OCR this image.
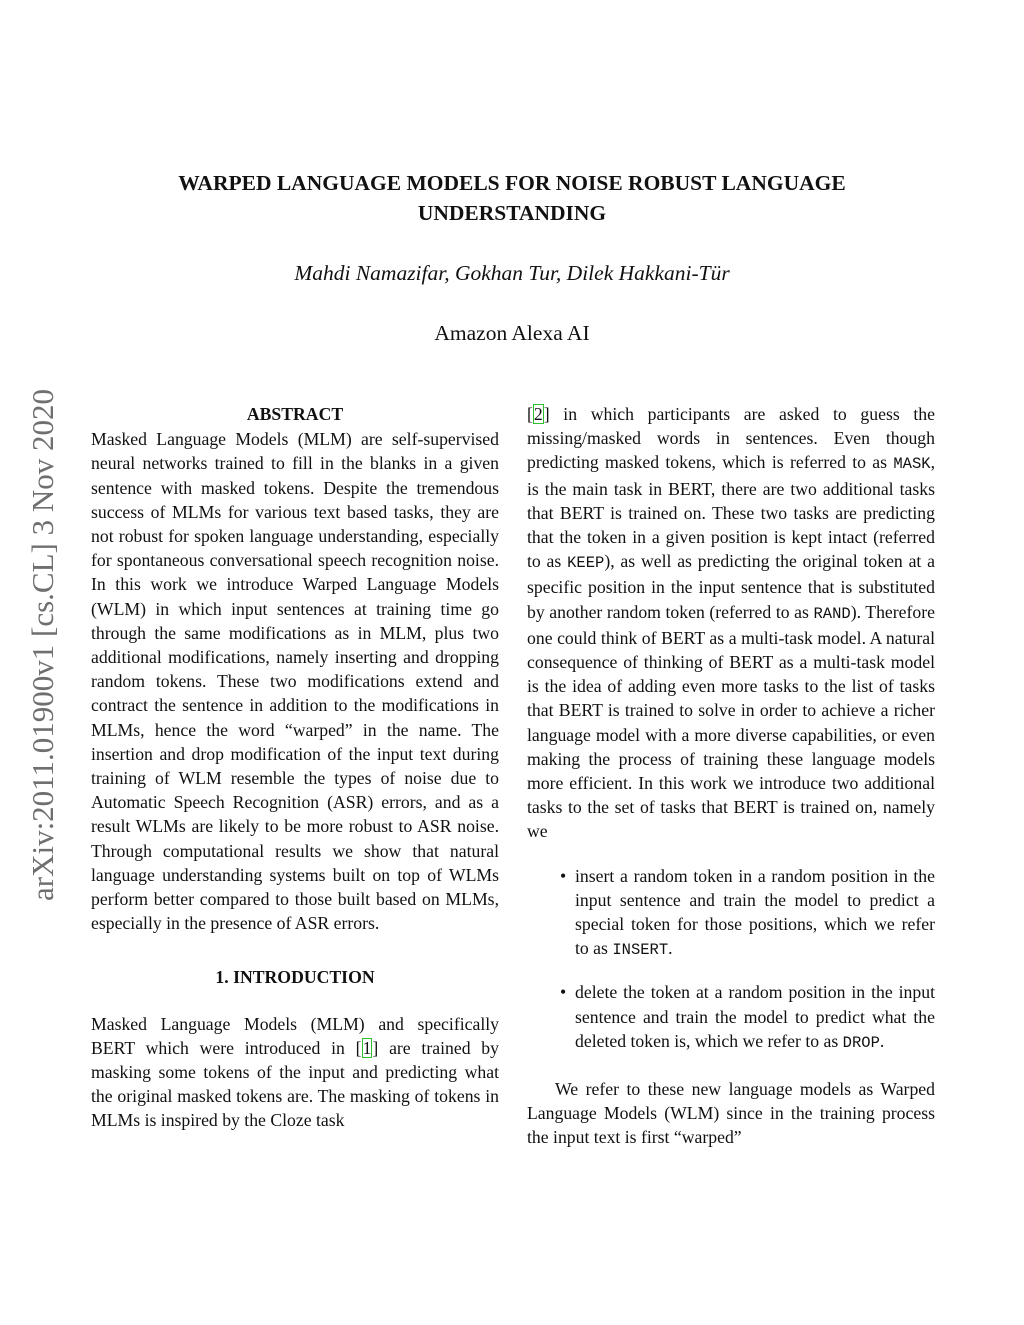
arXiv:2011.01900v1 [cs.CL] 3 Nov 2020
WARPED LANGUAGE MODELS FOR NOISE ROBUST LANGUAGE
UNDERSTANDING
Mahdi Namazifar, Gokhan Tur, Dilek Hakkani-Tür
Amazon Alexa AI
ABSTRACT

Masked Language Models (MLM) are self-supervised neural networks trained to fill in the blanks in a given sentence with masked tokens. Despite the tremendous success of MLMs for various text based tasks, they are not robust for spoken language understanding, especially for spontaneous conversational speech recognition noise. In this work we introduce Warped Language Models (WLM) in which input sentences at training time go through the same modifications as in MLM, plus two additional modifications, namely inserting and dropping random tokens. These two modifications extend and contract the sentence in addition to the modifications in MLMs, hence the word “warped” in the name. The insertion and drop modification of the input text during training of WLM resemble the types of noise due to Automatic Speech Recognition (ASR) errors, and as a result WLMs are likely to be more robust to ASR noise. Through computational results we show that natural language understanding systems built on top of WLMs perform better compared to those built based on MLMs, especially in the presence of ASR errors.

1. INTRODUCTION

Masked Language Models (MLM) and specifically BERT which were introduced in [1] are trained by masking some tokens of the input and predicting what the original masked tokens are. The masking of tokens in MLMs is inspired by the Cloze task

[2] in which participants are asked to guess the missing/masked words in sentences. Even though predicting masked tokens, which is referred to as MASK, is the main task in BERT, there are two additional tasks that BERT is trained on. These two tasks are predicting that the token in a given position is kept intact (referred to as KEEP), as well as predicting the original token at a specific position in the input sentence that is substituted by another random token (referred to as RAND). Therefore one could think of BERT as a multi-task model. A natural consequence of thinking of BERT as a multi-task model is the idea of adding even more tasks to the list of tasks that BERT is trained to solve in order to achieve a richer language model with a more diverse capabilities, or even making the process of training these language models more efficient. In this work we introduce two additional tasks to the set of tasks that BERT is trained on, namely we

• insert a random token in a random position in the input sentence and train the model to predict a special token for those positions, which we refer to as INSERT.

• delete the token at a random position in the input sentence and train the model to predict what the deleted token is, which we refer to as DROP.

We refer to these new language models as Warped Language Models (WLM) since in the training process the input text is first “warped”
